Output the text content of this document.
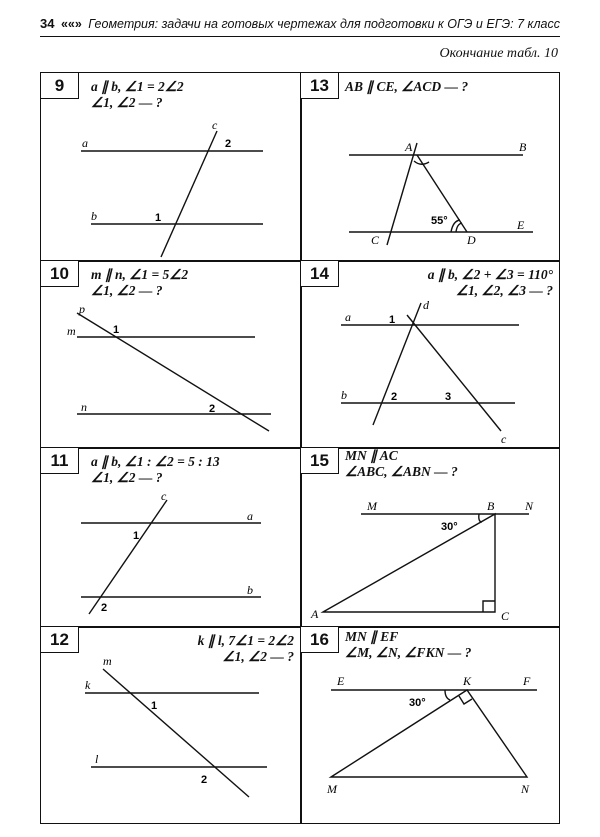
34 ««» Геометрия: задачи на готовых чертежах для подготовки к ОГЭ и ЕГЭ: 7 класс
Окончание табл. 10
9	a ∥ b, ∠1 = 2∠2
∠1, ∠2 — ?
a
b
c
2
1
13	AB ∥ CE, ∠ACD — ?
A	B
C	D
E
55°
10	m ∥ n, ∠1 = 5∠2
∠1, ∠2 — ?
p
m
n
1
2
14	a ∥ b, ∠2 + ∠3 = 110°
∠1, ∠2, ∠3 — ?
a
b
c
d
1
2	3
11	a ∥ b, ∠1 : ∠2 = 5 : 13
∠1, ∠2 — ?
a
b
c
1
2
15	MN ∥ AC
∠ABC, ∠ABN — ?
M	B	N
A	C
30°
12	k ∥ l, 7∠1 = 2∠2
∠1, ∠2 — ?
m
k
l
1
2
16	MN ∥ EF
∠M, ∠N, ∠FKN — ?
E	K	F
M	N
30°
